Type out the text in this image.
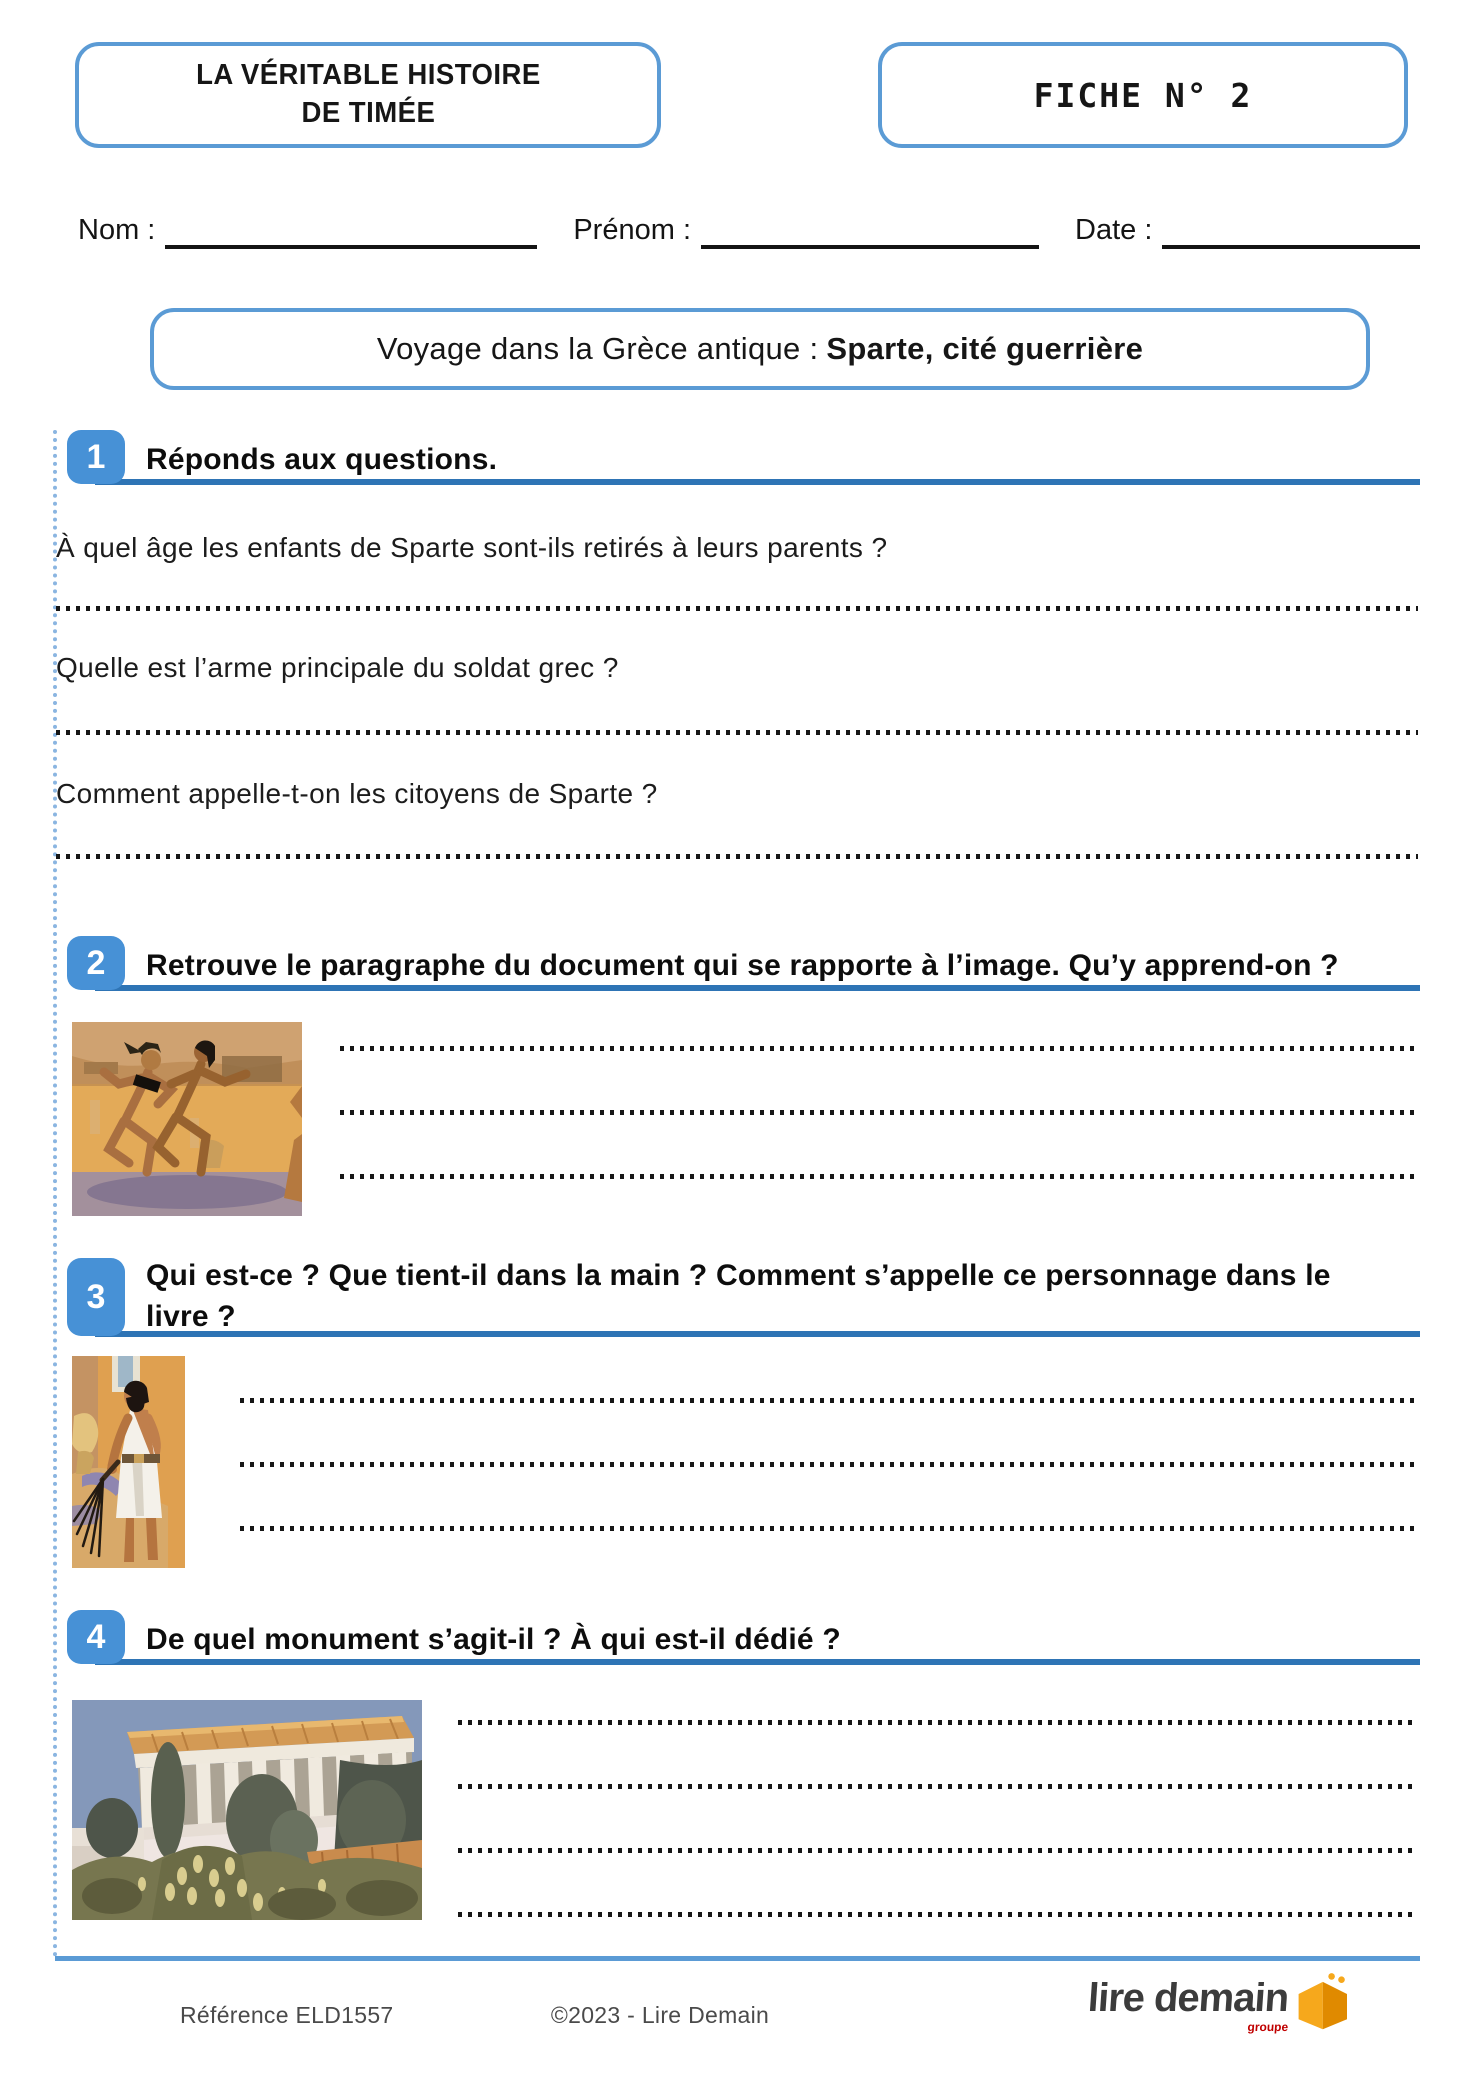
LA VÉRITABLE HISTOIRE
DE TIMÉE	FICHE N° 2
Nom :	Prénom :	Date :
Voyage dans la Grèce antique : Sparte, cité guerrière
1 Réponds aux questions.
À quel âge les enfants de Sparte sont-ils retirés à leurs parents ?
Quelle est l’arme principale du soldat grec ?
Comment appelle-t-on les citoyens de Sparte ?
2 Retrouve le paragraphe du document qui se rapporte à l’image. Qu’y apprend-on ?
3
Qui est-ce ? Que tient-il dans la main ? Comment s’appelle ce personnage dans le livre ?
4 De quel monument s’agit-il ? À qui est-il dédié ?
Référence ELD1557	©2023 - Lire Demain	lire demain
groupe
